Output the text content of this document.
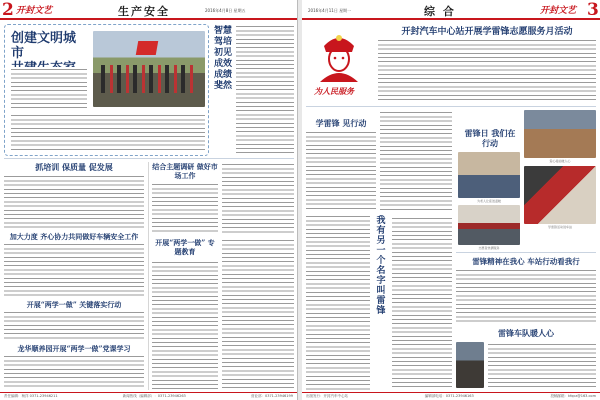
2 开封文艺	生产安全	2016年4月8日 星期五
创建文明城市
智慧驾培初见成效 成绩斐然
抓培训 保质量 促发展
加大力度 齐心协力共同做好车辆安全工作
结合主题调研 做好市场工作
开展“两学一做” 专题教育
开展“两学一做” 关键落实行动
龙华顺养园开展“两学一做”党课学习
责任编辑：杨洋 0371-23946211	新闻热线（编辑部）：0371-23946263	营业部：0371-23946199
2016年4月11日 星期一	综 合	开封文艺 3
为人民服务
开封汽车中心站开展学雷锋志愿服务月活动
学雷锋 见行动
我有另一个名字叫雷锋
雷锋日 我们在行动
爱心接站暖人心
为老人让座送温暖
学雷锋活动进车站
志愿者热情服务
雷锋精神在我心 车站行动看我行
雷锋车队暖人心
出版发行：开封汽车中心站	编辑部电话：0371-23946163	投稿邮箱：kfqcz@163.com
